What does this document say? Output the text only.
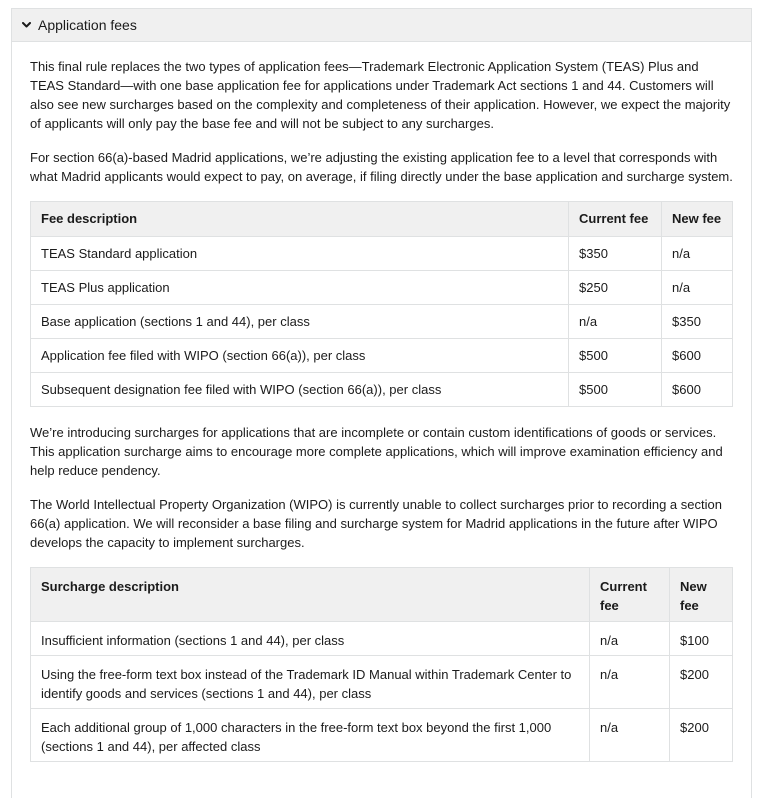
Application fees

This final rule replaces the two types of application fees—Trademark Electronic Application System (TEAS) Plus and TEAS Standard—with one base application fee for applications under Trademark Act sections 1 and 44. Customers will also see new surcharges based on the complexity and completeness of their application. However, we expect the majority of applicants will only pay the base fee and will not be subject to any surcharges.

For section 66(a)-based Madrid applications, we’re adjusting the existing application fee to a level that corresponds with what Madrid applicants would expect to pay, on average, if filing directly under the base application and surcharge system.

Fee description	Current fee	New fee
TEAS Standard application	$350	n/a
TEAS Plus application	$250	n/a
Base application (sections 1 and 44), per class	n/a	$350
Application fee filed with WIPO (section 66(a)), per class	$500	$600
Subsequent designation fee filed with WIPO (section 66(a)), per class	$500	$600

We’re introducing surcharges for applications that are incomplete or contain custom identifications of goods or services. This application surcharge aims to encourage more complete applications, which will improve examination efficiency and help reduce pendency.

The World Intellectual Property Organization (WIPO) is currently unable to collect surcharges prior to recording a section 66(a) application. We will reconsider a base filing and surcharge system for Madrid applications in the future after WIPO develops the capacity to implement surcharges.

Surcharge description	Current fee	New fee
Insufficient information (sections 1 and 44), per class	n/a	$100
Using the free-form text box instead of the Trademark ID Manual within Trademark Center to identify goods and services (sections 1 and 44), per class	n/a	$200
Each additional group of 1,000 characters in the free-form text box beyond the first 1,000 (sections 1 and 44), per affected class	n/a	$200
